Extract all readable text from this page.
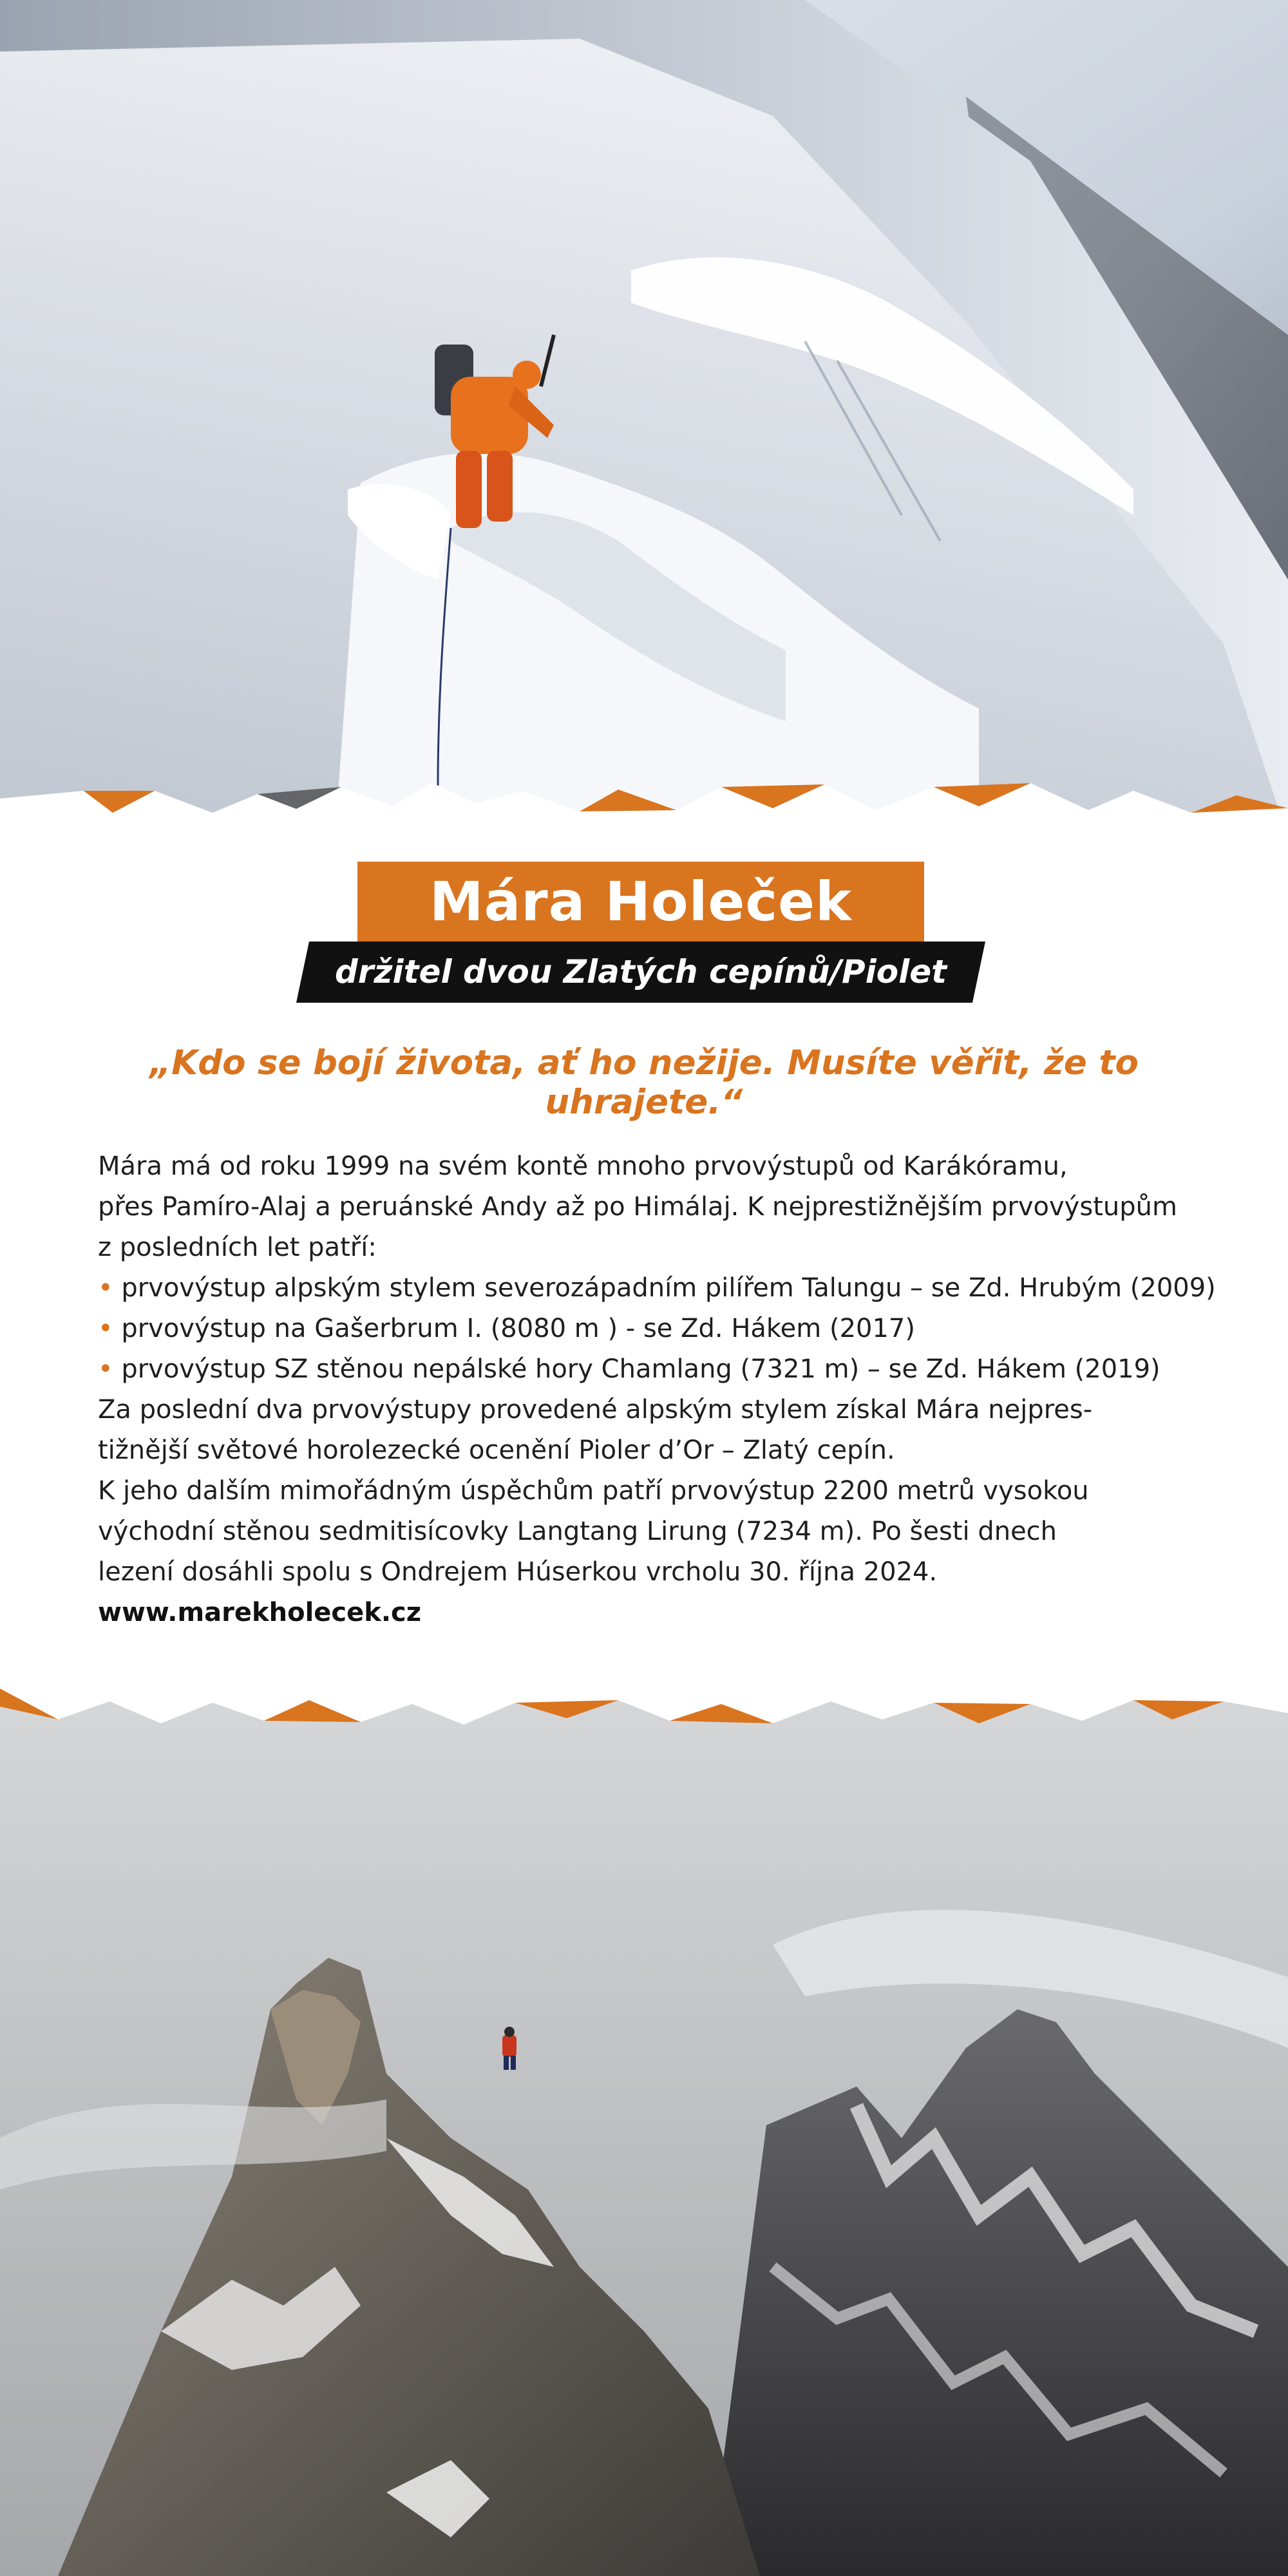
Mára Holeček
držitel dvou Zlatých cepínů/Piolet d’Or
„Kdo se bojí života, ať ho nežije. Musíte věřit, že to uhrajete.“

Mára má od roku 1999 na svém kontě mnoho prvovýstupů od Karákóramu,

přes Pamíro-Alaj a peruánské Andy až po Himálaj. K nejprestižnějším prvovýstupům

z posledních let patří:

• prvovýstup alpským stylem severozápadním pilířem Talungu – se Zd. Hrubým (2009)
• prvovýstup na Gašerbrum I. (8080 m ) - se Zd. Hákem (2017)
• prvovýstup SZ stěnou nepálské hory Chamlang (7321 m) – se Zd. Hákem (2019)

Za poslední dva prvovýstupy provedené alpským stylem získal Mára nejpres-

tižnější světové horolezecké ocenění Pioler d’Or – Zlatý cepín.

K jeho dalším mimořádným úspěchům patří prvovýstup 2200 metrů vysokou

východní stěnou sedmitisícovky Langtang Lirung (7234 m). Po šesti dnech

lezení dosáhli spolu s Ondrejem Húserkou vrcholu 30. října 2024.

www.marekholecek.cz
